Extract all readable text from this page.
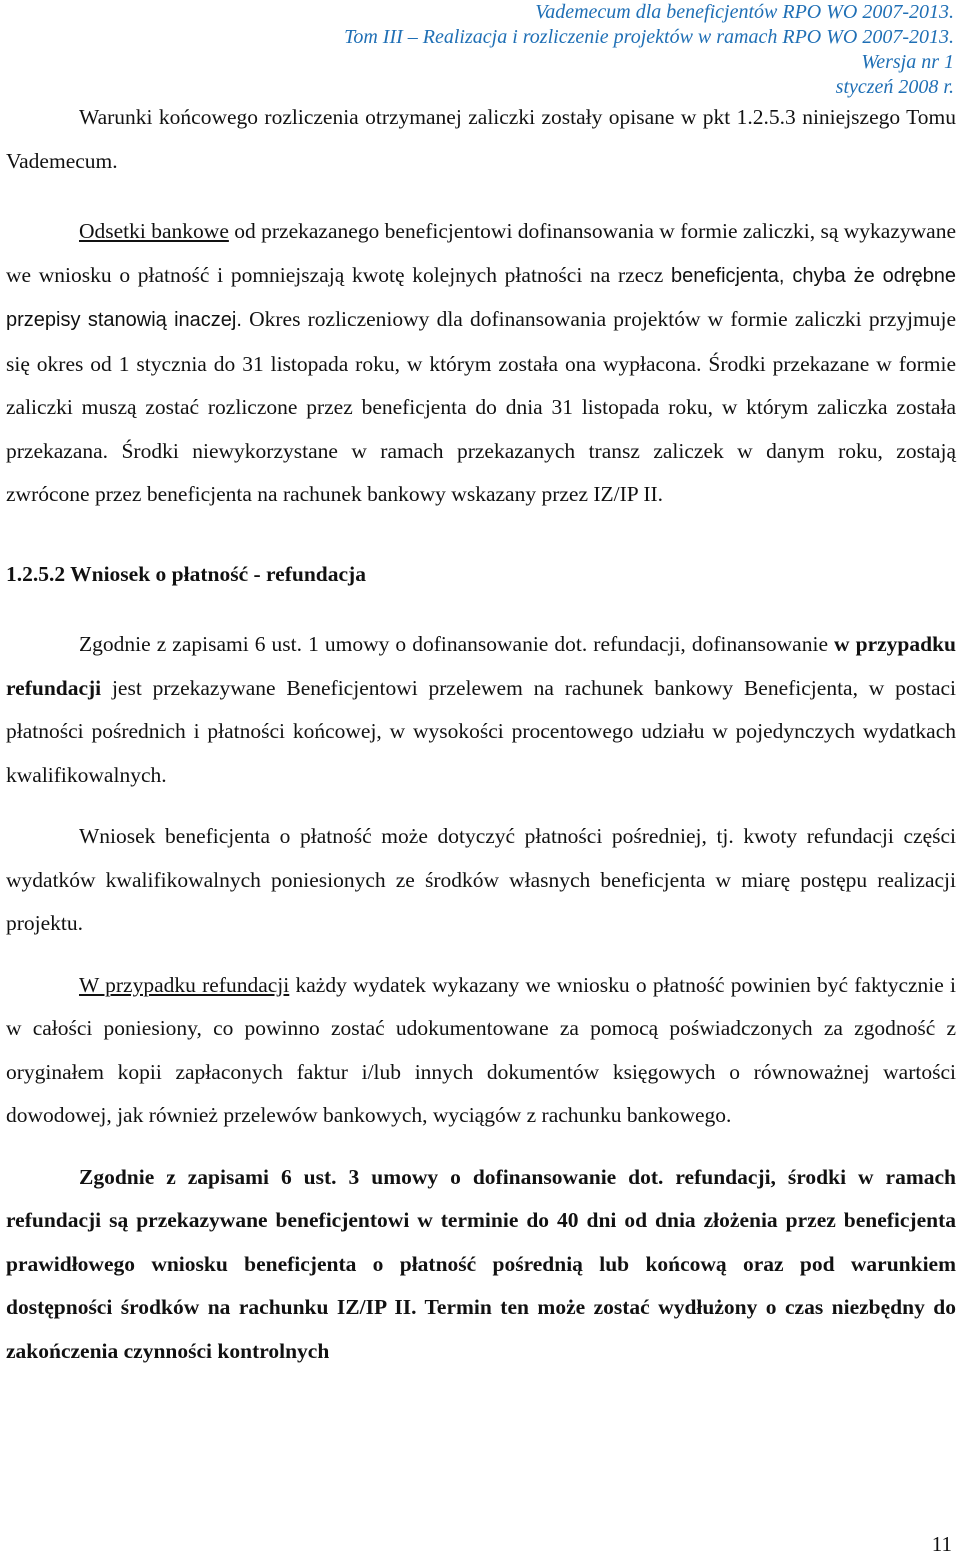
Vademecum dla beneficjentów RPO WO 2007-2013.
Tom III – Realizacja i rozliczenie projektów w ramach RPO WO 2007-2013.
Wersja nr 1
styczeń 2008 r.

Warunki końcowego rozliczenia otrzymanej zaliczki zostały opisane w pkt 1.2.5.3 niniejszego Tomu Vademecum.

Odsetki bankowe od przekazanego beneficjentowi dofinansowania w formie zaliczki, są wykazywane we wniosku o płatność i pomniejszają kwotę kolejnych płatności na rzecz beneficjenta, chyba że odrębne przepisy stanowią inaczej. Okres rozliczeniowy dla dofinansowania projektów w formie zaliczki przyjmuje się okres od 1 stycznia do 31 listopada roku, w którym została ona wypłacona. Środki przekazane w formie zaliczki muszą zostać rozliczone przez beneficjenta do dnia 31 listopada roku, w którym zaliczka została przekazana. Środki niewykorzystane w ramach przekazanych transz zaliczek w danym roku, zostają zwrócone przez beneficjenta na rachunek bankowy wskazany przez IZ/IP II.

1.2.5.2 Wniosek o płatność - refundacja

Zgodnie z zapisami 6 ust. 1 umowy o dofinansowanie dot. refundacji, dofinansowanie w przypadku refundacji jest przekazywane Beneficjentowi przelewem na rachunek bankowy Beneficjenta, w postaci płatności pośrednich i płatności końcowej, w wysokości procentowego udziału w pojedynczych wydatkach kwalifikowalnych.

Wniosek beneficjenta o płatność może dotyczyć płatności pośredniej, tj. kwoty refundacji części wydatków kwalifikowalnych poniesionych ze środków własnych beneficjenta w miarę postępu realizacji projektu.

W przypadku refundacji każdy wydatek wykazany we wniosku o płatność powinien być faktycznie i w całości poniesiony, co powinno zostać udokumentowane za pomocą poświadczonych za zgodność z oryginałem kopii zapłaconych faktur i/lub innych dokumentów księgowych o równoważnej wartości dowodowej, jak również przelewów bankowych, wyciągów z rachunku bankowego.

Zgodnie z zapisami 6 ust. 3 umowy o dofinansowanie dot. refundacji, środki w ramach refundacji są przekazywane beneficjentowi w terminie do 40 dni od dnia złożenia przez beneficjenta prawidłowego wniosku beneficjenta o płatność pośrednią lub końcową oraz pod warunkiem dostępności środków na rachunku IZ/IP II. Termin ten może zostać wydłużony o czas niezbędny do zakończenia czynności kontrolnych

11
